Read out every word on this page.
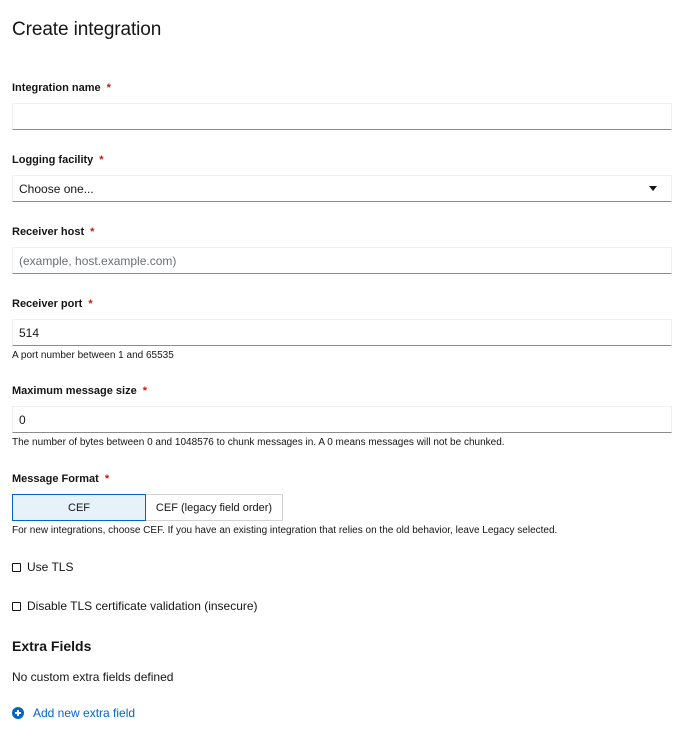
Create integration
Integration name *
Logging facility *
Choose one...
Receiver host *
(example, host.example.com)
Receiver port *
514
A port number between 1 and 65535
Maximum message size *
0
The number of bytes between 0 and 1048576 to chunk messages in. A 0 means messages will not be chunked.
Message Format *
CEF	CEF (legacy field order)
For new integrations, choose CEF. If you have an existing integration that relies on the old behavior, leave Legacy selected.
Use TLS
Disable TLS certificate validation (insecure)
Extra Fields
No custom extra fields defined
Add new extra field
